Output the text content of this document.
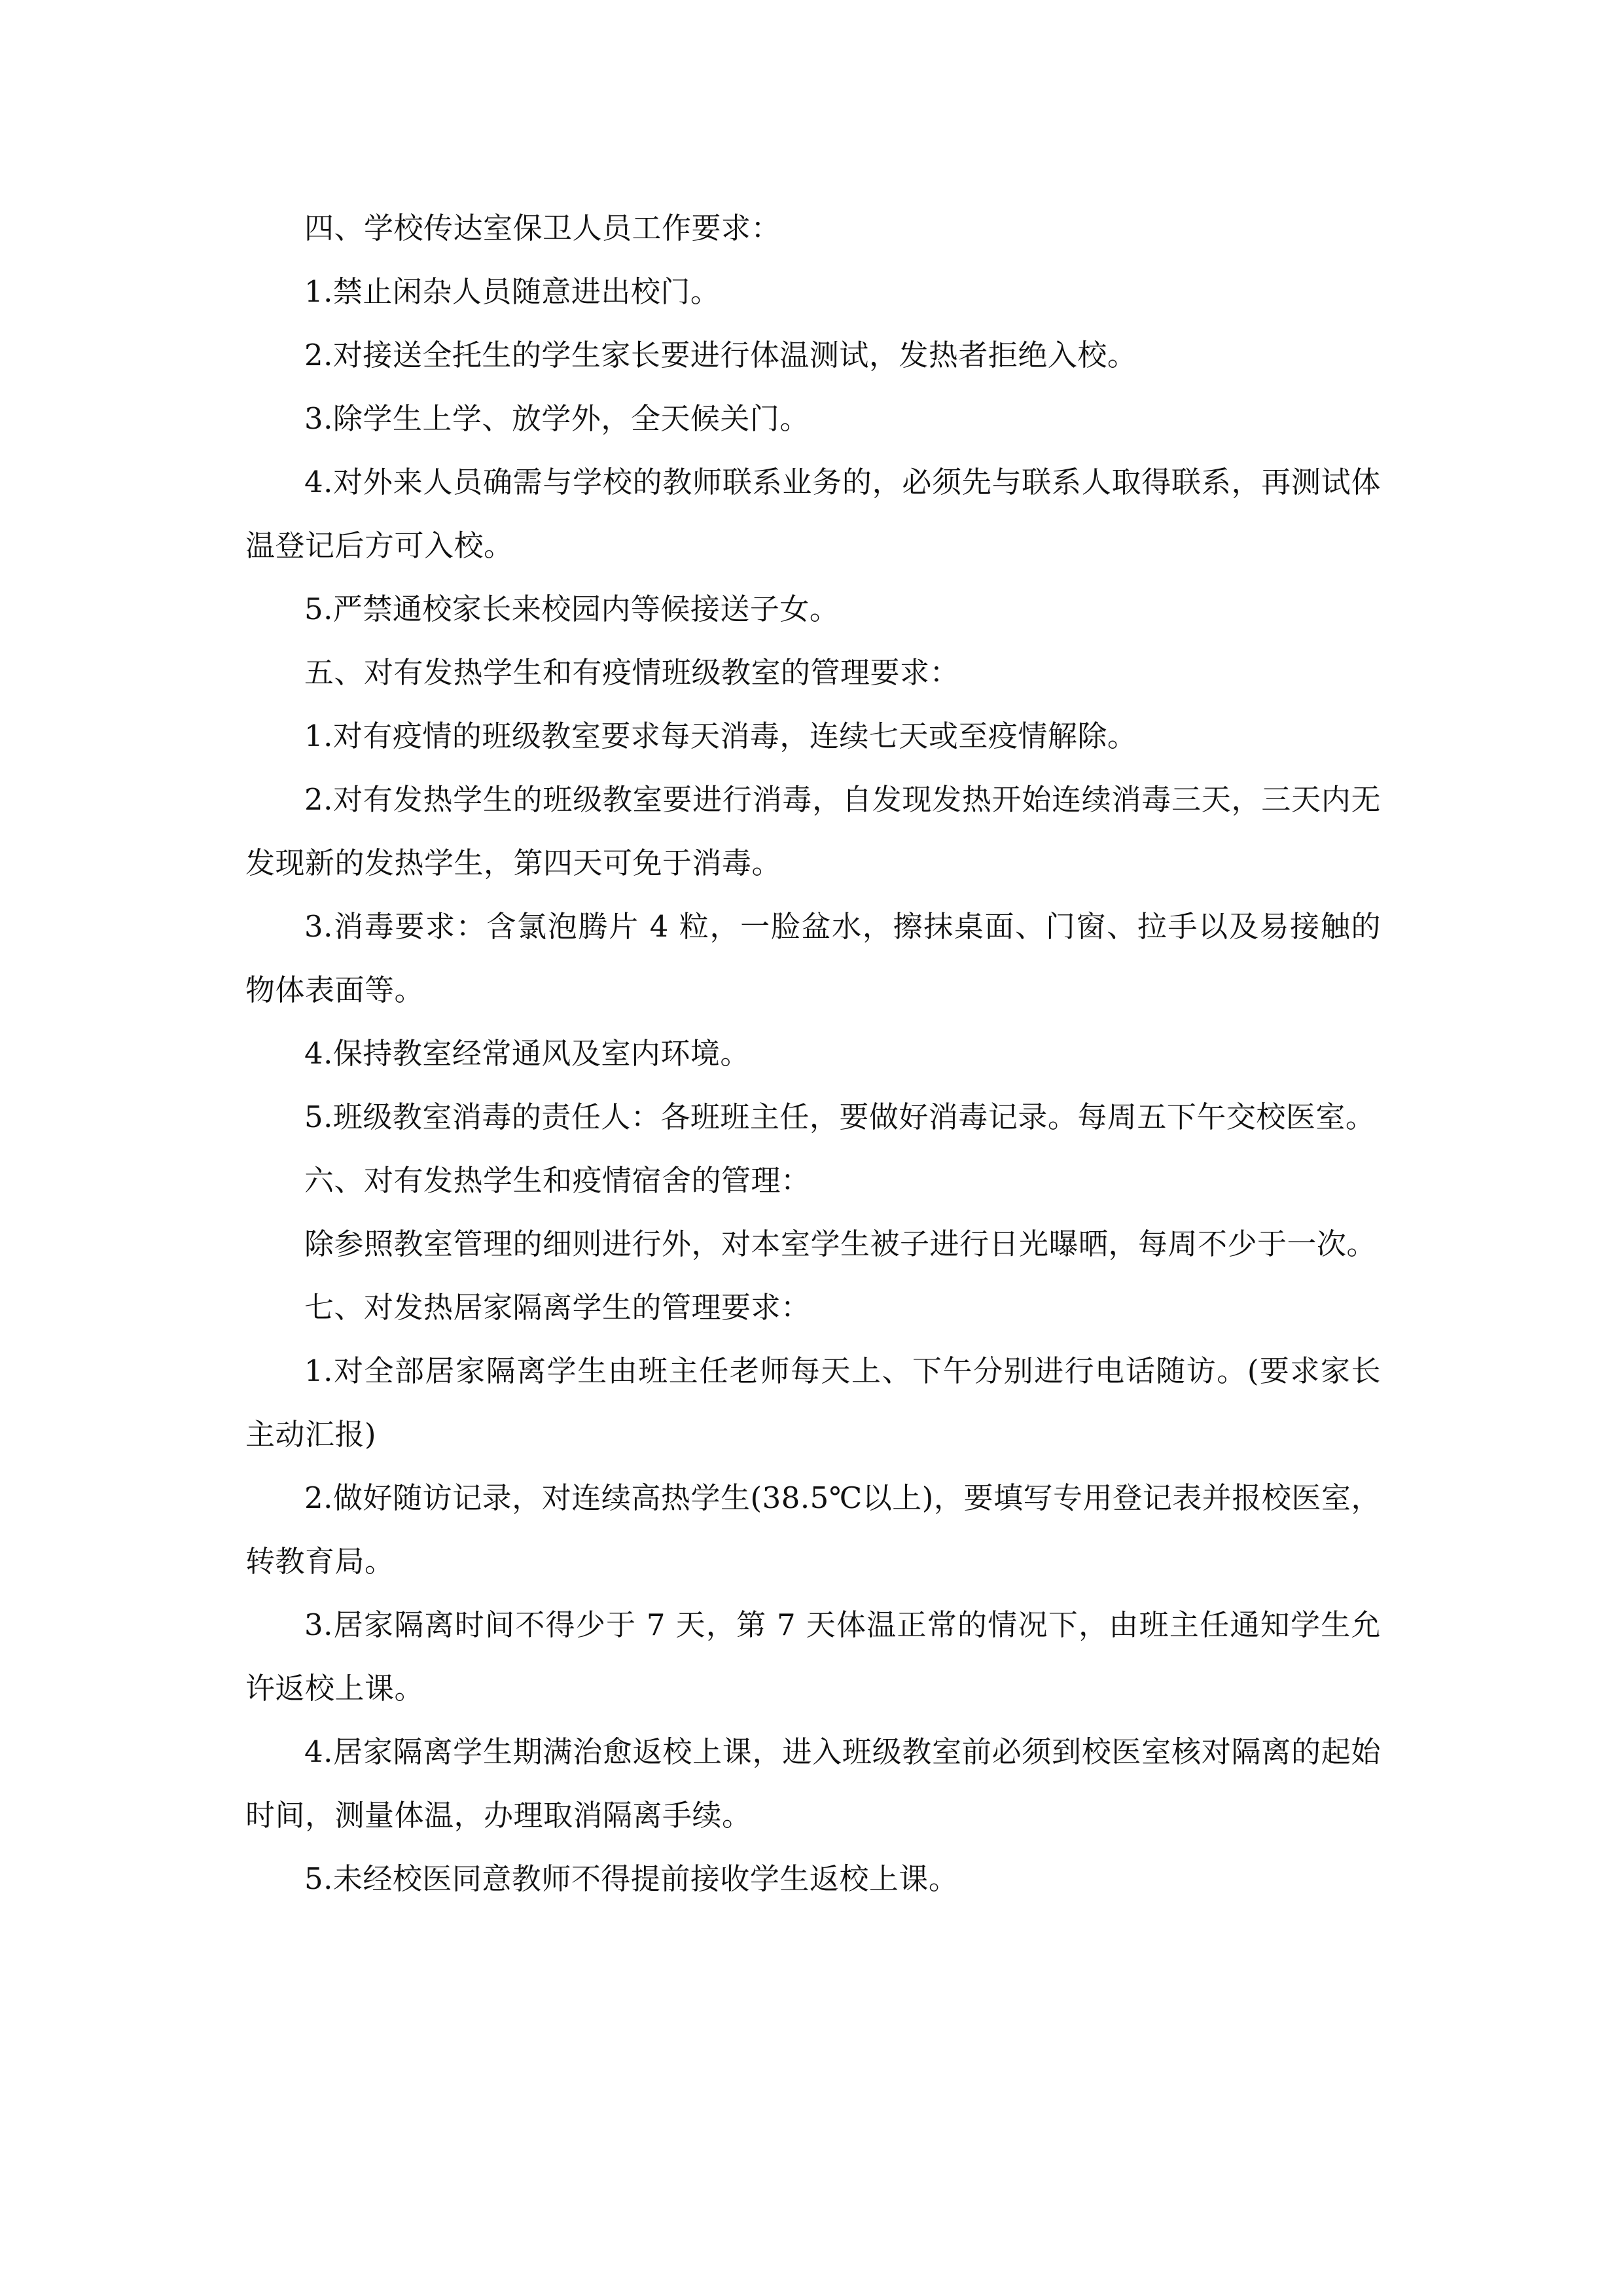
四、学校传达室保卫人员工作要求：

1.禁止闲杂人员随意进出校门。

2.对接送全托生的学生家长要进行体温测试，发热者拒绝入校。

3.除学生上学、放学外，全天候关门。

4.对外来人员确需与学校的教师联系业务的，必须先与联系人取得联系，再测试体温登记后方可入校。

5.严禁通校家长来校园内等候接送子女。

五、对有发热学生和有疫情班级教室的管理要求：

1.对有疫情的班级教室要求每天消毒，连续七天或至疫情解除。

2.对有发热学生的班级教室要进行消毒，自发现发热开始连续消毒三天，三天内无发现新的发热学生，第四天可免于消毒。

3.消毒要求：含氯泡腾片 4 粒，一脸盆水，擦抹桌面、门窗、拉手以及易接触的物体表面等。

4.保持教室经常通风及室内环境。

5.班级教室消毒的责任人：各班班主任，要做好消毒记录。每周五下午交校医室。

六、对有发热学生和疫情宿舍的管理：

除参照教室管理的细则进行外，对本室学生被子进行日光曝晒，每周不少于一次。

七、对发热居家隔离学生的管理要求：

1.对全部居家隔离学生由班主任老师每天上、下午分别进行电话随访。(要求家长主动汇报)

2.做好随访记录，对连续高热学生(38.5℃以上)，要填写专用登记表并报校医室，转教育局。

3.居家隔离时间不得少于 7 天，第 7 天体温正常的情况下，由班主任通知学生允许返校上课。

4.居家隔离学生期满治愈返校上课，进入班级教室前必须到校医室核对隔离的起始时间，测量体温，办理取消隔离手续。

5.未经校医同意教师不得提前接收学生返校上课。
